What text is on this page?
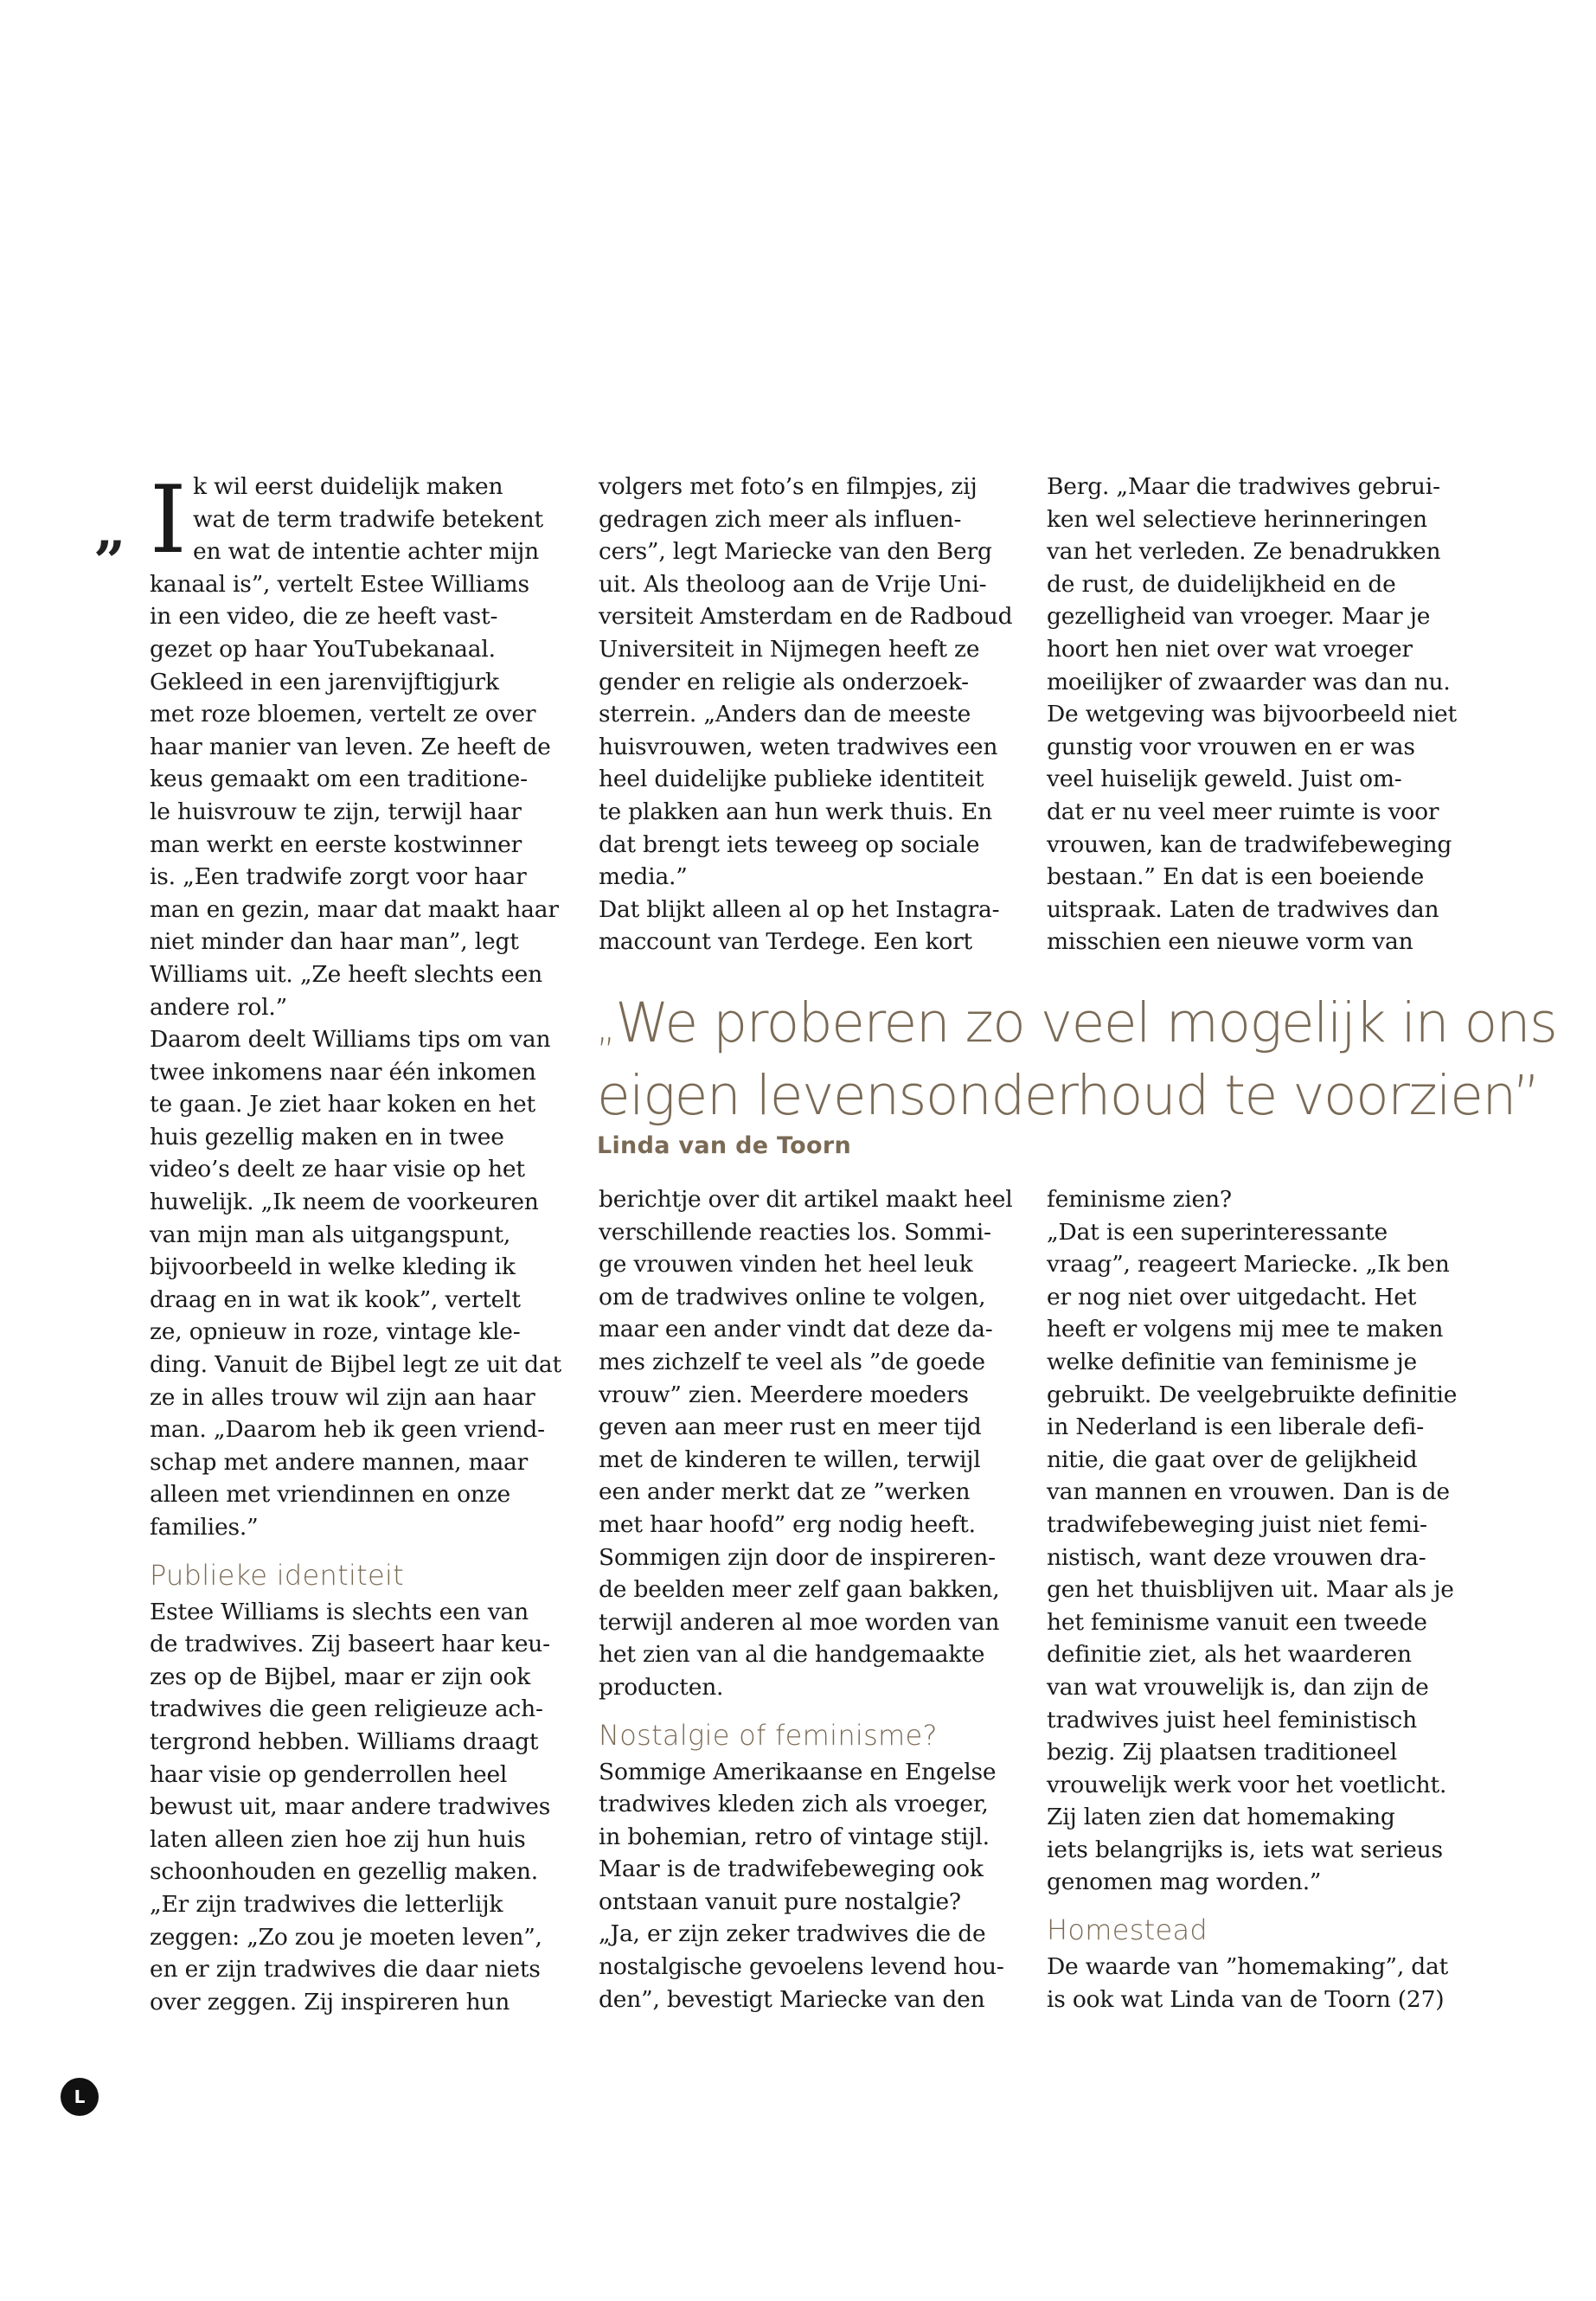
” I k wil eerst duidelijk maken

wat de term tradwife betekent

en wat de intentie achter mijn

kanaal is”, vertelt Estee Williams

in een video, die ze heeft vast-

gezet op haar YouTubekanaal.

Gekleed in een jarenvijftigjurk

met roze bloemen, vertelt ze over

haar manier van leven. Ze heeft de

keus gemaakt om een traditione-

le huisvrouw te zijn, terwijl haar

man werkt en eerste kostwinner

is. „Een tradwife zorgt voor haar

man en gezin, maar dat maakt haar

niet minder dan haar man”, legt

Williams uit. „Ze heeft slechts een

andere rol.”

Daarom deelt Williams tips om van

twee inkomens naar één inkomen

te gaan. Je ziet haar koken en het

huis gezellig maken en in twee

video’s deelt ze haar visie op het

huwelijk. „Ik neem de voorkeuren

van mijn man als uitgangspunt,

bijvoorbeeld in welke kleding ik

draag en in wat ik kook”, vertelt

ze, opnieuw in roze, vintage kle-

ding. Vanuit de Bijbel legt ze uit dat

ze in alles trouw wil zijn aan haar

man. „Daarom heb ik geen vriend-

schap met andere mannen, maar

alleen met vriendinnen en onze

families.”

Publieke identiteit

Estee Williams is slechts een van

de tradwives. Zij baseert haar keu-

zes op de Bijbel, maar er zijn ook

tradwives die geen religieuze ach-

tergrond hebben. Williams draagt

haar visie op genderrollen heel

bewust uit, maar andere tradwives

laten alleen zien hoe zij hun huis

schoonhouden en gezellig maken.

„Er zijn tradwives die letterlijk

zeggen: „Zo zou je moeten leven”,

en er zijn tradwives die daar niets

over zeggen. Zij inspireren hun

volgers met foto’s en filmpjes, zij

gedragen zich meer als influen-

cers”, legt Mariecke van den Berg

uit. Als theoloog aan de Vrije Uni-

versiteit Amsterdam en de Radboud

Universiteit in Nijmegen heeft ze

gender en religie als onderzoek-

sterrein. „Anders dan de meeste

huisvrouwen, weten tradwives een

heel duidelijke publieke identiteit

te plakken aan hun werk thuis. En

dat brengt iets teweeg op sociale

media.”

Dat blijkt alleen al op het Instagra-

maccount van Terdege. Een kort

Berg. „Maar die tradwives gebrui-

ken wel selectieve herinneringen

van het verleden. Ze benadrukken

de rust, de duidelijkheid en de

gezelligheid van vroeger. Maar je

hoort hen niet over wat vroeger

moeilijker of zwaarder was dan nu.

De wetgeving was bijvoorbeeld niet

gunstig voor vrouwen en er was

veel huiselijk geweld. Juist om-

dat er nu veel meer ruimte is voor

vrouwen, kan de tradwifebeweging

bestaan.” En dat is een boeiende

uitspraak. Laten de tradwives dan

misschien een nieuwe vorm van

„We proberen zo veel mogelijk in ons
eigen levensonderhoud te voorzien”
Linda van de Toorn

berichtje over dit artikel maakt heel

verschillende reacties los. Sommi-

ge vrouwen vinden het heel leuk

om de tradwives online te volgen,

maar een ander vindt dat deze da-

mes zichzelf te veel als ”de goede

vrouw” zien. Meerdere moeders

geven aan meer rust en meer tijd

met de kinderen te willen, terwijl

een ander merkt dat ze ”werken

met haar hoofd” erg nodig heeft.

Sommigen zijn door de inspireren-

de beelden meer zelf gaan bakken,

terwijl anderen al moe worden van

het zien van al die handgemaakte

producten.

Nostalgie of feminisme?

Sommige Amerikaanse en Engelse

tradwives kleden zich als vroeger,

in bohemian, retro of vintage stijl.

Maar is de tradwifebeweging ook

ontstaan vanuit pure nostalgie?

„Ja, er zijn zeker tradwives die de

nostalgische gevoelens levend hou-

den”, bevestigt Mariecke van den

feminisme zien?

„Dat is een superinteressante

vraag”, reageert Mariecke. „Ik ben

er nog niet over uitgedacht. Het

heeft er volgens mij mee te maken

welke definitie van feminisme je

gebruikt. De veelgebruikte definitie

in Nederland is een liberale defi-

nitie, die gaat over de gelijkheid

van mannen en vrouwen. Dan is de

tradwifebeweging juist niet femi-

nistisch, want deze vrouwen dra-

gen het thuisblijven uit. Maar als je

het feminisme vanuit een tweede

definitie ziet, als het waarderen

van wat vrouwelijk is, dan zijn de

tradwives juist heel feministisch

bezig. Zij plaatsen traditioneel

vrouwelijk werk voor het voetlicht.

Zij laten zien dat homemaking

iets belangrijks is, iets wat serieus

genomen mag worden.”

Homestead

De waarde van ”homemaking”, dat

is ook wat Linda van de Toorn (27)

L
